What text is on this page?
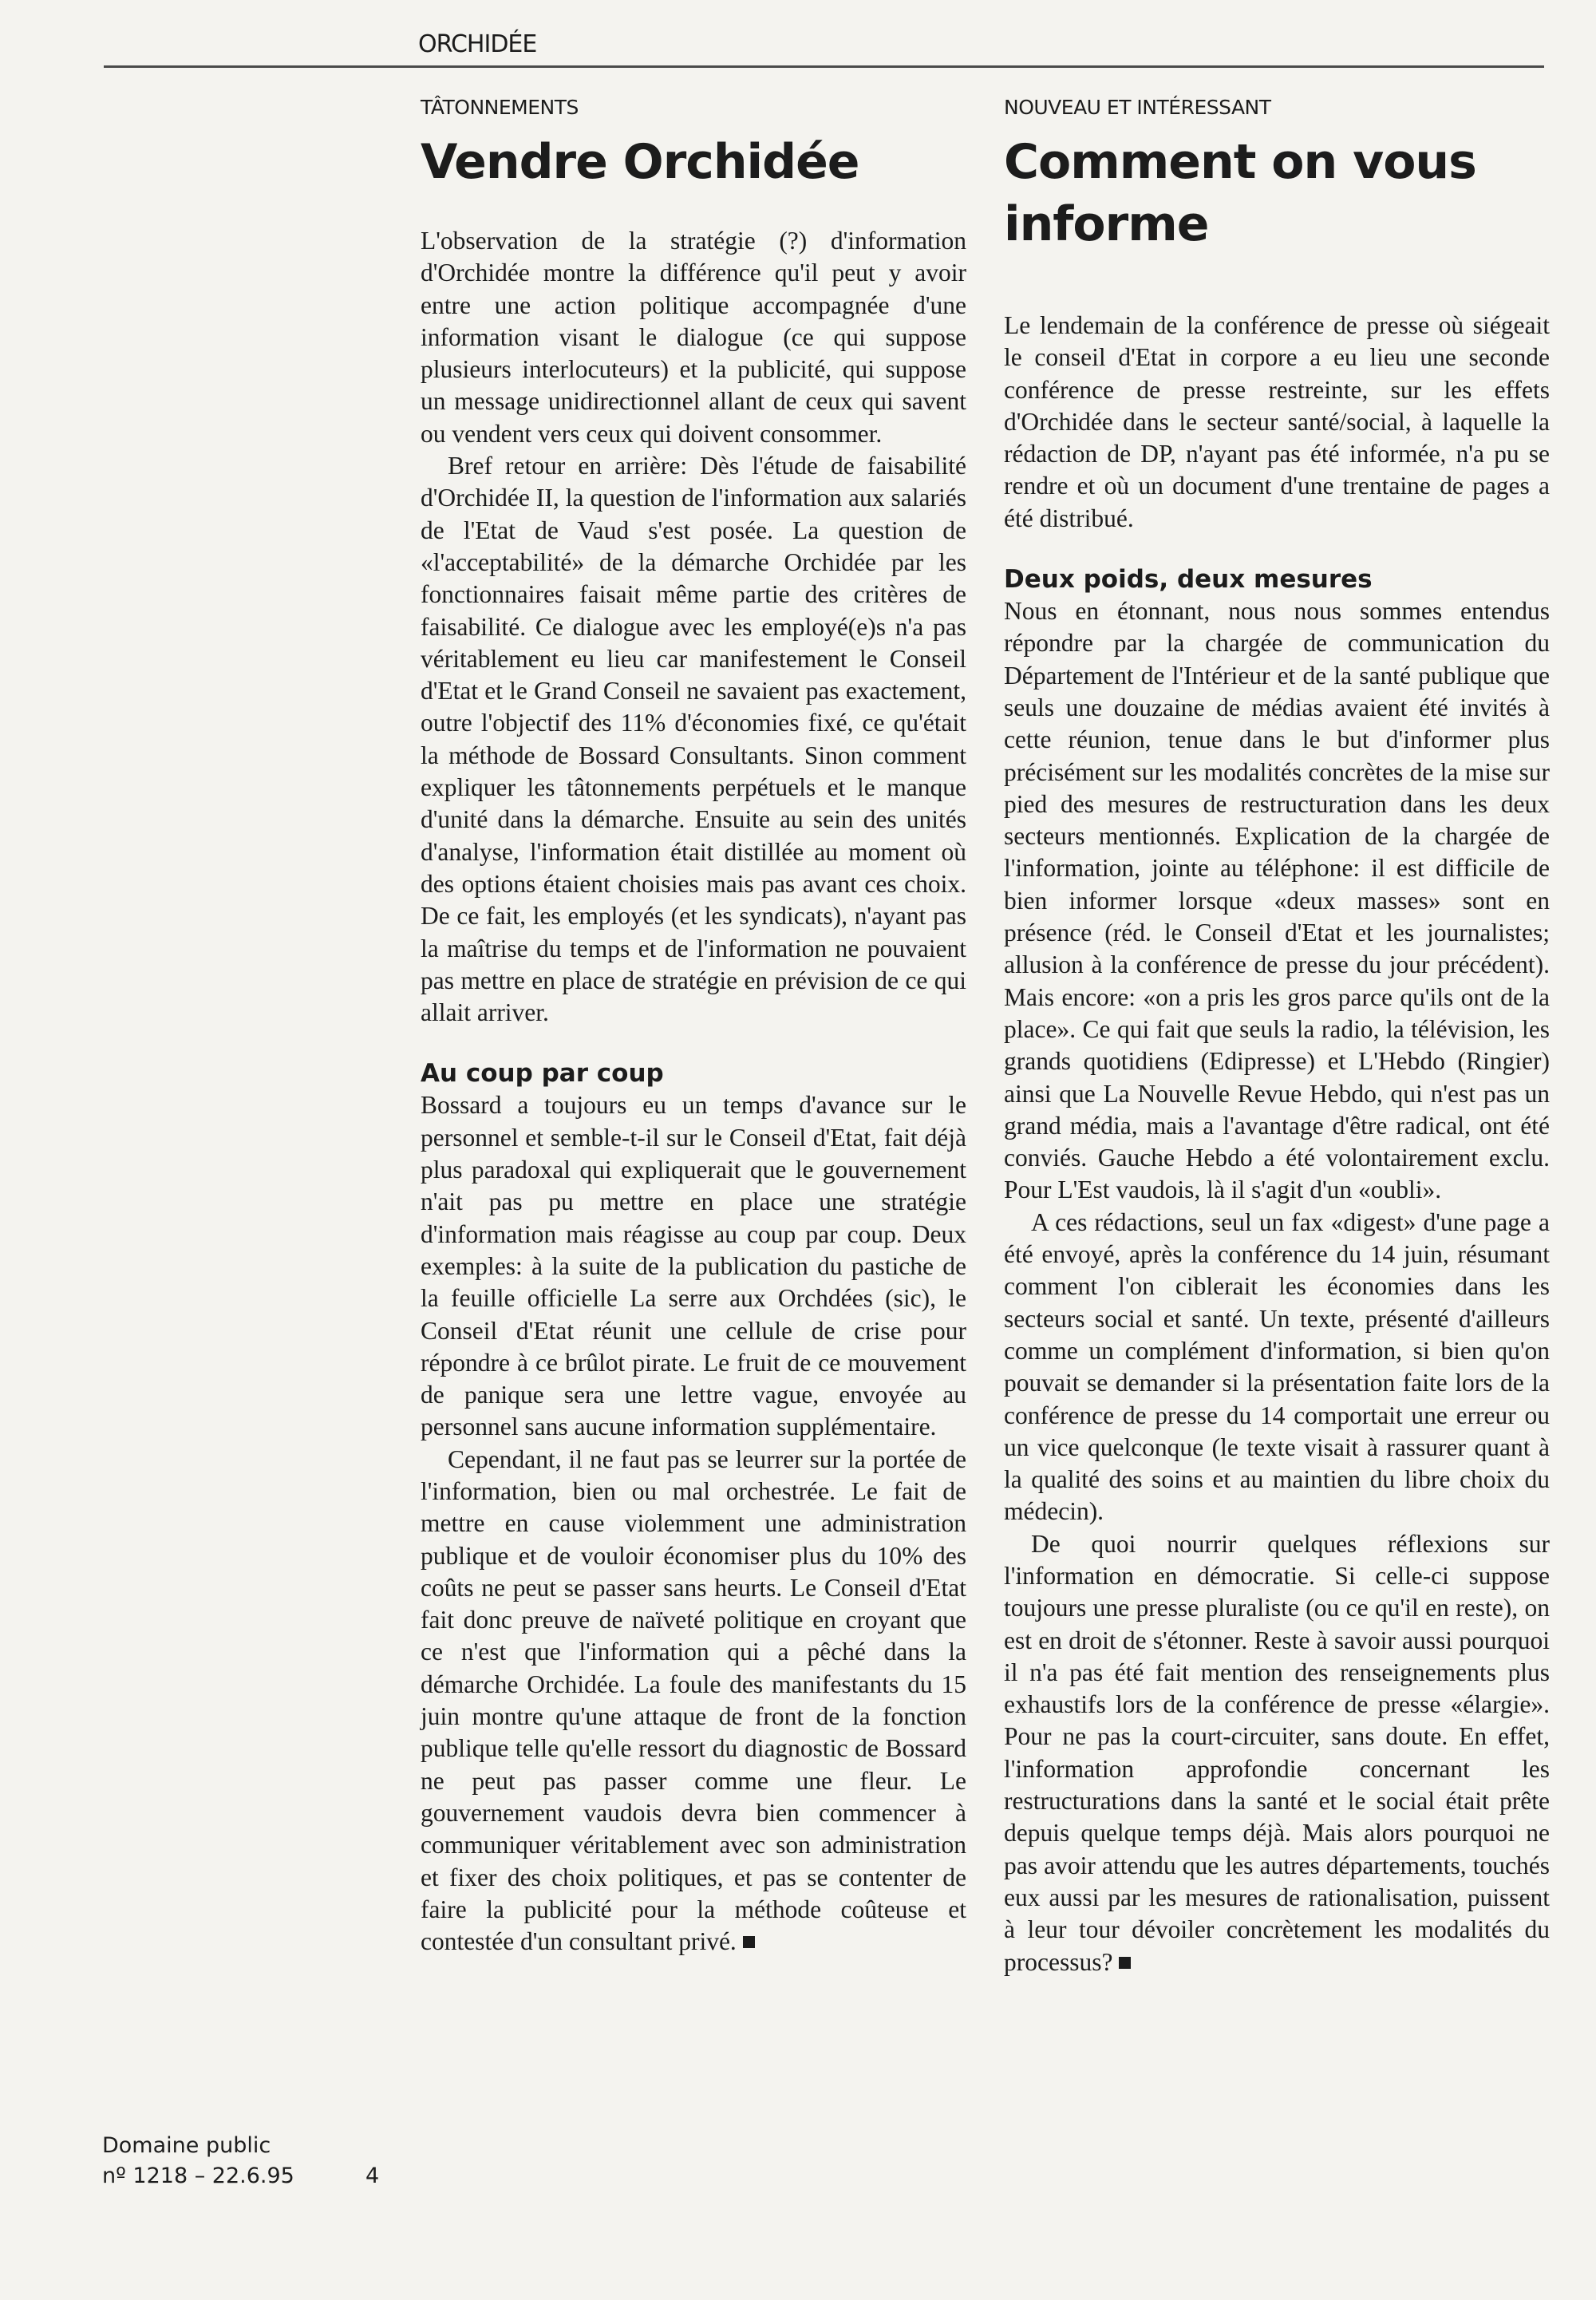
ORCHIDÉE
TÂTONNEMENTS
Vendre Orchidée

L'observation de la stratégie (?) d'information d'Orchidée montre la différence qu'il peut y avoir entre une action politique accompagnée d'une information visant le dialogue (ce qui suppose plusieurs interlocuteurs) et la publicité, qui suppose un message unidirectionnel allant de ceux qui savent ou vendent vers ceux qui doivent consommer.

Bref retour en arrière: Dès l'étude de faisabilité d'Orchidée II, la question de l'information aux salariés de l'Etat de Vaud s'est posée. La question de «l'acceptabilité» de la démarche Orchidée par les fonctionnaires faisait même partie des critères de faisabilité. Ce dialogue avec les employé(e)s n'a pas véritablement eu lieu car manifestement le Conseil d'Etat et le Grand Conseil ne savaient pas exactement, outre l'objectif des 11% d'économies fixé, ce qu'était la méthode de Bossard Consultants. Sinon comment expliquer les tâtonnements perpétuels et le manque d'unité dans la démarche. Ensuite au sein des unités d'analyse, l'information était distillée au moment où des options étaient choisies mais pas avant ces choix. De ce fait, les employés (et les syndicats), n'ayant pas la maîtrise du temps et de l'information ne pouvaient pas mettre en place de stratégie en prévision de ce qui allait arriver.

Au coup par coup

Bossard a toujours eu un temps d'avance sur le personnel et semble-t-il sur le Conseil d'Etat, fait déjà plus paradoxal qui expliquerait que le gouvernement n'ait pas pu mettre en place une stratégie d'information mais réagisse au coup par coup. Deux exemples: à la suite de la publication du pastiche de la feuille officielle La serre aux Orchdées (sic), le Conseil d'Etat réunit une cellule de crise pour répondre à ce brûlot pirate. Le fruit de ce mouvement de panique sera une lettre vague, envoyée au personnel sans aucune information supplémentaire.

Cependant, il ne faut pas se leurrer sur la portée de l'information, bien ou mal orchestrée. Le fait de mettre en cause violemment une administration publique et de vouloir économiser plus du 10% des coûts ne peut se passer sans heurts. Le Conseil d'Etat fait donc preuve de naïveté politique en croyant que ce n'est que l'information qui a pêché dans la démarche Orchidée. La foule des manifestants du 15 juin montre qu'une attaque de front de la fonction publique telle qu'elle ressort du diagnostic de Bossard ne peut pas passer comme une fleur. Le gouvernement vaudois devra bien commencer à communiquer véritablement avec son administration et fixer des choix politiques, et pas se contenter de faire la publicité pour la méthode coûteuse et contestée d'un consultant privé.

NOUVEAU ET INTÉRESSANT
Comment on vous informe

Le lendemain de la conférence de presse où siégeait le conseil d'Etat in corpore a eu lieu une seconde conférence de presse restreinte, sur les effets d'Orchidée dans le secteur santé/social, à laquelle la rédaction de DP, n'ayant pas été informée, n'a pu se rendre et où un document d'une trentaine de pages a été distribué.

Deux poids, deux mesures

Nous en étonnant, nous nous sommes entendus répondre par la chargée de communication du Département de l'Intérieur et de la santé publique que seuls une douzaine de médias avaient été invités à cette réunion, tenue dans le but d'informer plus précisément sur les modalités concrètes de la mise sur pied des mesures de restructuration dans les deux secteurs mentionnés. Explication de la chargée de l'information, jointe au téléphone: il est difficile de bien informer lorsque «deux masses» sont en présence (réd. le Conseil d'Etat et les journalistes; allusion à la conférence de presse du jour précédent). Mais encore: «on a pris les gros parce qu'ils ont de la place». Ce qui fait que seuls la radio, la télévision, les grands quotidiens (Edipresse) et L'Hebdo (Ringier) ainsi que La Nouvelle Revue Hebdo, qui n'est pas un grand média, mais a l'avantage d'être radical, ont été conviés. Gauche Hebdo a été volontairement exclu. Pour L'Est vaudois, là il s'agit d'un «oubli».

A ces rédactions, seul un fax «digest» d'une page a été envoyé, après la conférence du 14 juin, résumant comment l'on ciblerait les économies dans les secteurs social et santé. Un texte, présenté d'ailleurs comme un complément d'information, si bien qu'on pouvait se demander si la présentation faite lors de la conférence de presse du 14 comportait une erreur ou un vice quelconque (le texte visait à rassurer quant à la qualité des soins et au maintien du libre choix du médecin).

De quoi nourrir quelques réflexions sur l'information en démocratie. Si celle-ci suppose toujours une presse pluraliste (ou ce qu'il en reste), on est en droit de s'étonner. Reste à savoir aussi pourquoi il n'a pas été fait mention des renseignements plus exhaustifs lors de la conférence de presse «élargie». Pour ne pas la court-circuiter, sans doute. En effet, l'information approfondie concernant les restructurations dans la santé et le social était prête depuis quelque temps déjà. Mais alors pourquoi ne pas avoir attendu que les autres départements, touchés eux aussi par les mesures de rationalisation, puissent à leur tour dévoiler concrètement les modalités du processus?

Domaine public
nº 1218 – 22.6.95	4
